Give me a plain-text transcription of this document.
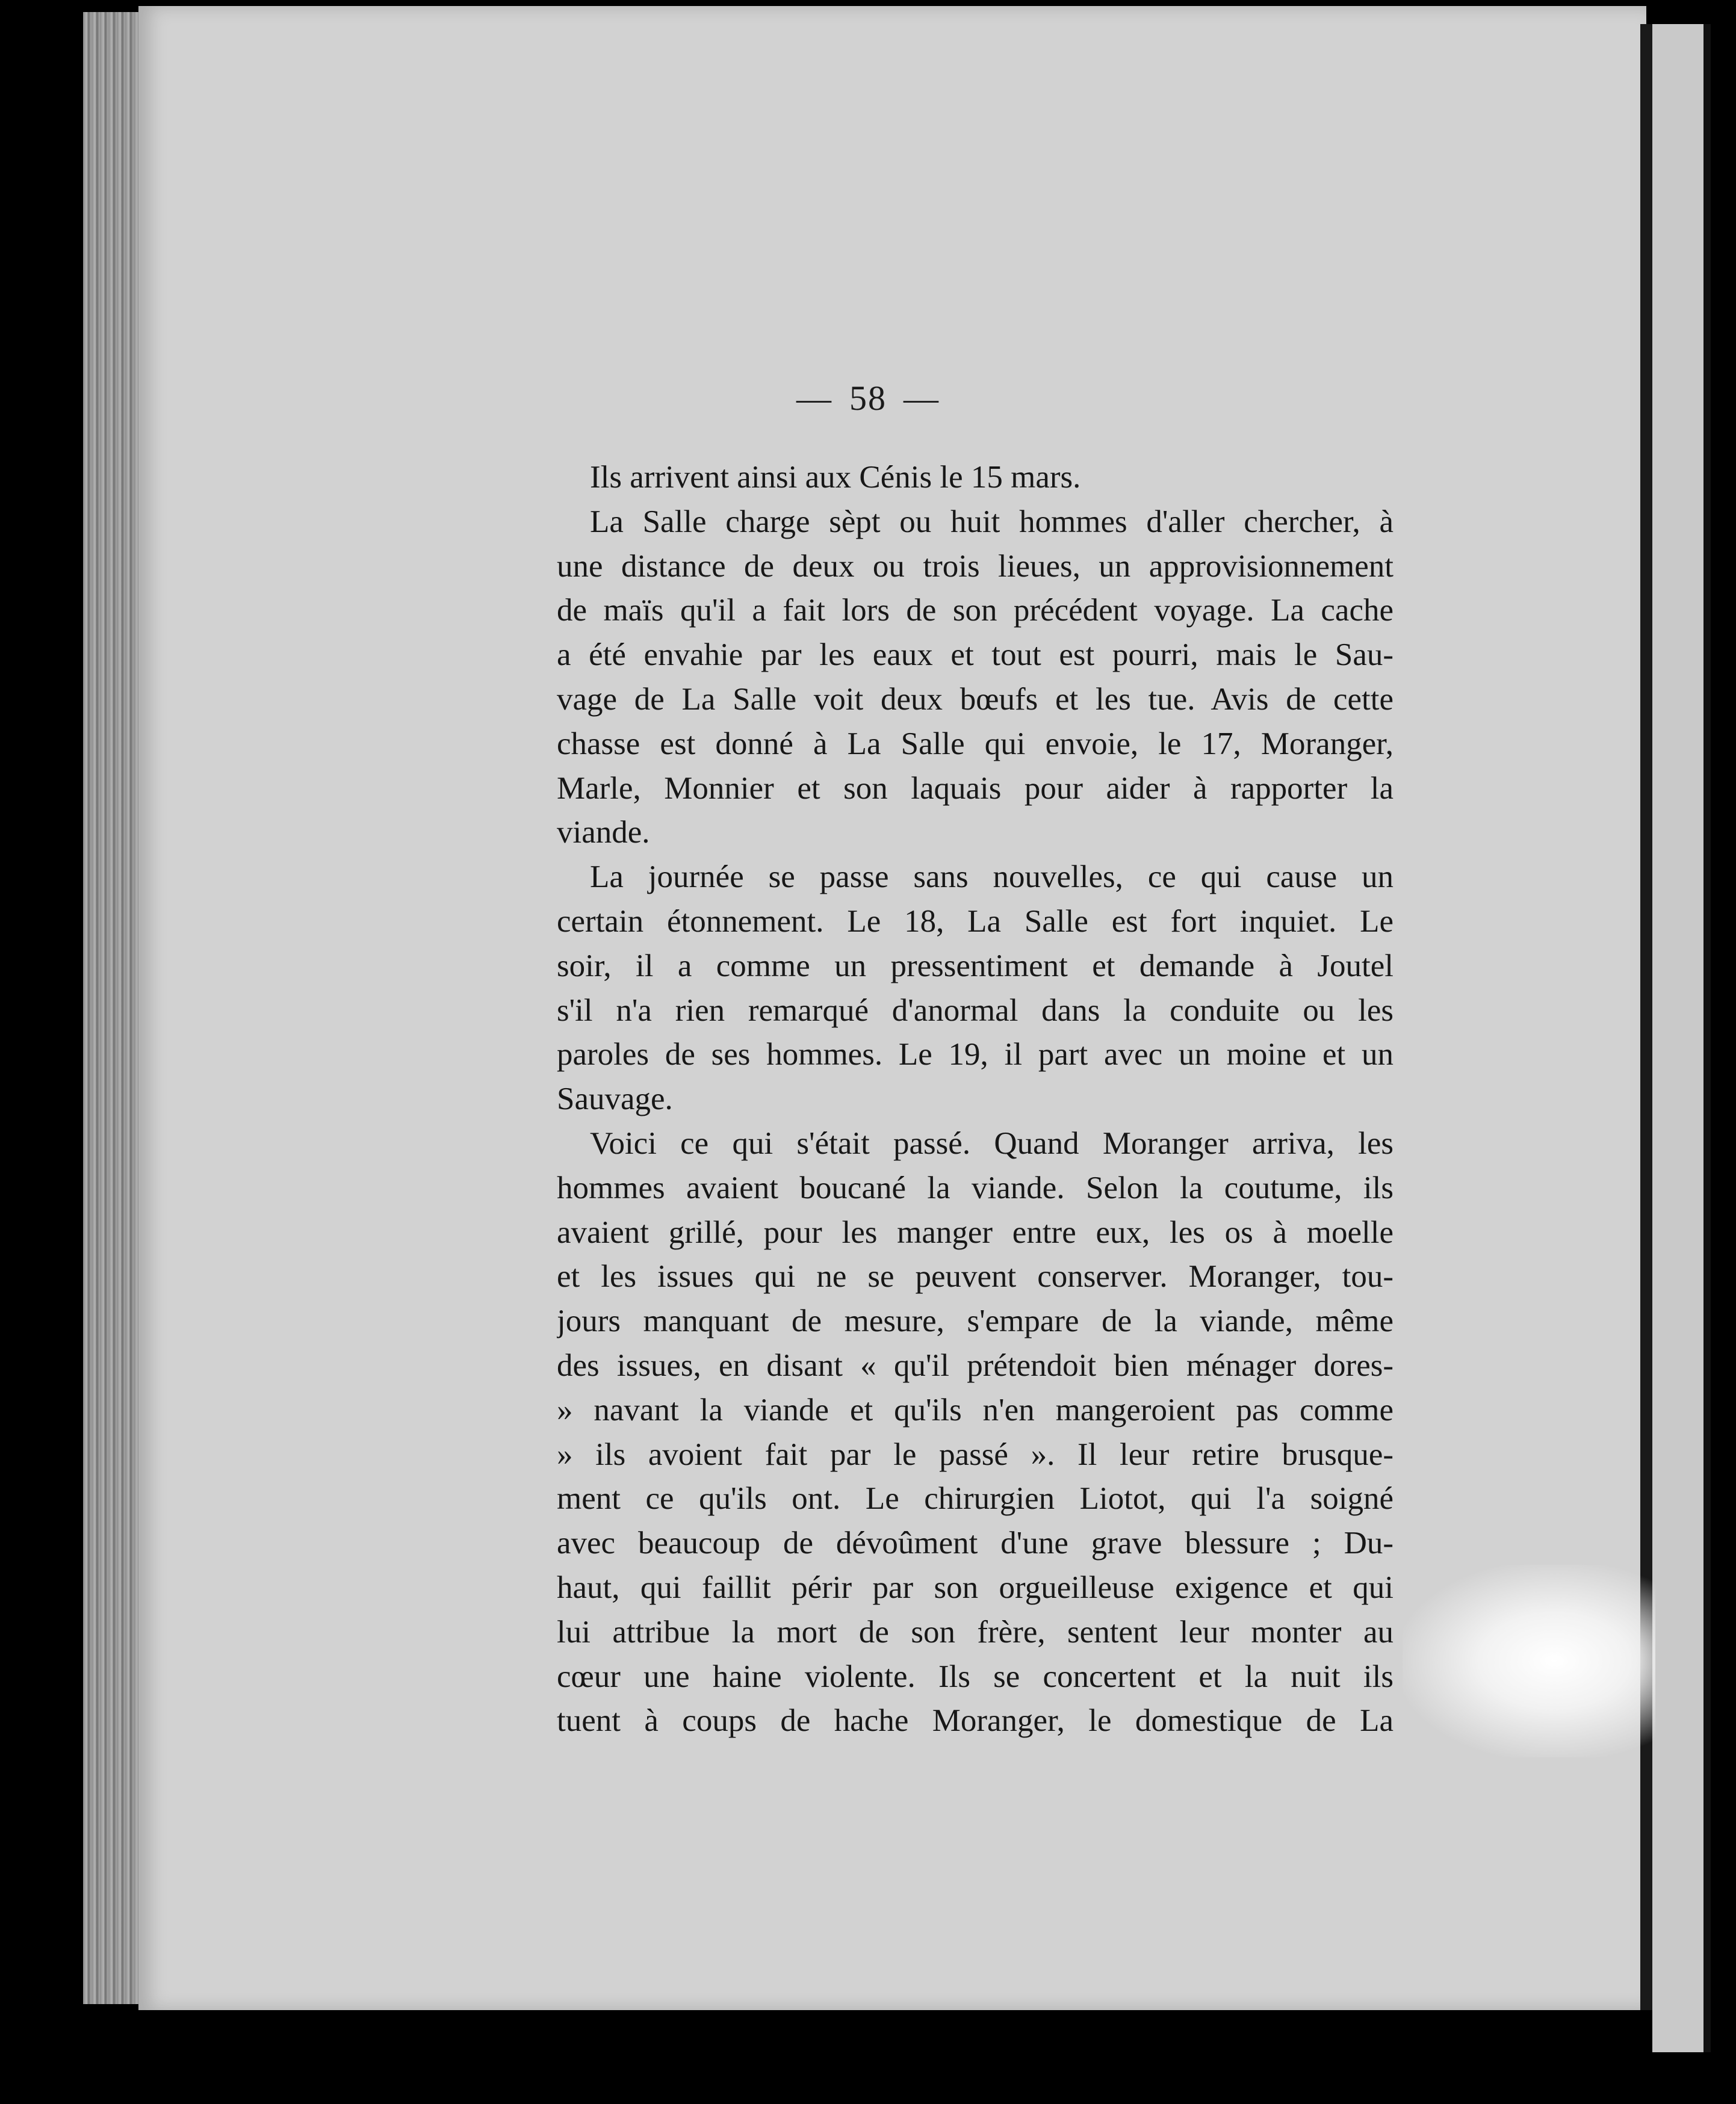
— 58 —
Ils arrivent ainsi aux Cénis le 15 mars.
La Salle charge sèpt ou huit hommes d'aller chercher, à
une distance de deux ou trois lieues, un approvisionnement
de maïs qu'il a fait lors de son précédent voyage. La cache
a été envahie par les eaux et tout est pourri, mais le Sau-
vage de La Salle voit deux bœufs et les tue. Avis de cette
chasse est donné à La Salle qui envoie, le 17, Moranger,
Marle, Monnier et son laquais pour aider à rapporter la
viande.
La journée se passe sans nouvelles, ce qui cause un
certain étonnement. Le 18, La Salle est fort inquiet. Le
soir, il a comme un pressentiment et demande à Joutel
s'il n'a rien remarqué d'anormal dans la conduite ou les
paroles de ses hommes. Le 19, il part avec un moine et un
Sauvage.
Voici ce qui s'était passé. Quand Moranger arriva, les
hommes avaient boucané la viande. Selon la coutume, ils
avaient grillé, pour les manger entre eux, les os à moelle
et les issues qui ne se peuvent conserver. Moranger, tou-
jours manquant de mesure, s'empare de la viande, même
des issues, en disant « qu'il prétendoit bien ménager dores-
» navant la viande et qu'ils n'en mangeroient pas comme
» ils avoient fait par le passé ». Il leur retire brusque-
ment ce qu'ils ont. Le chirurgien Liotot, qui l'a soigné
avec beaucoup de dévoûment d'une grave blessure ; Du-
haut, qui faillit périr par son orgueilleuse exigence et qui
lui attribue la mort de son frère, sentent leur monter au
cœur une haine violente. Ils se concertent et la nuit ils
tuent à coups de hache Moranger, le domestique de La
